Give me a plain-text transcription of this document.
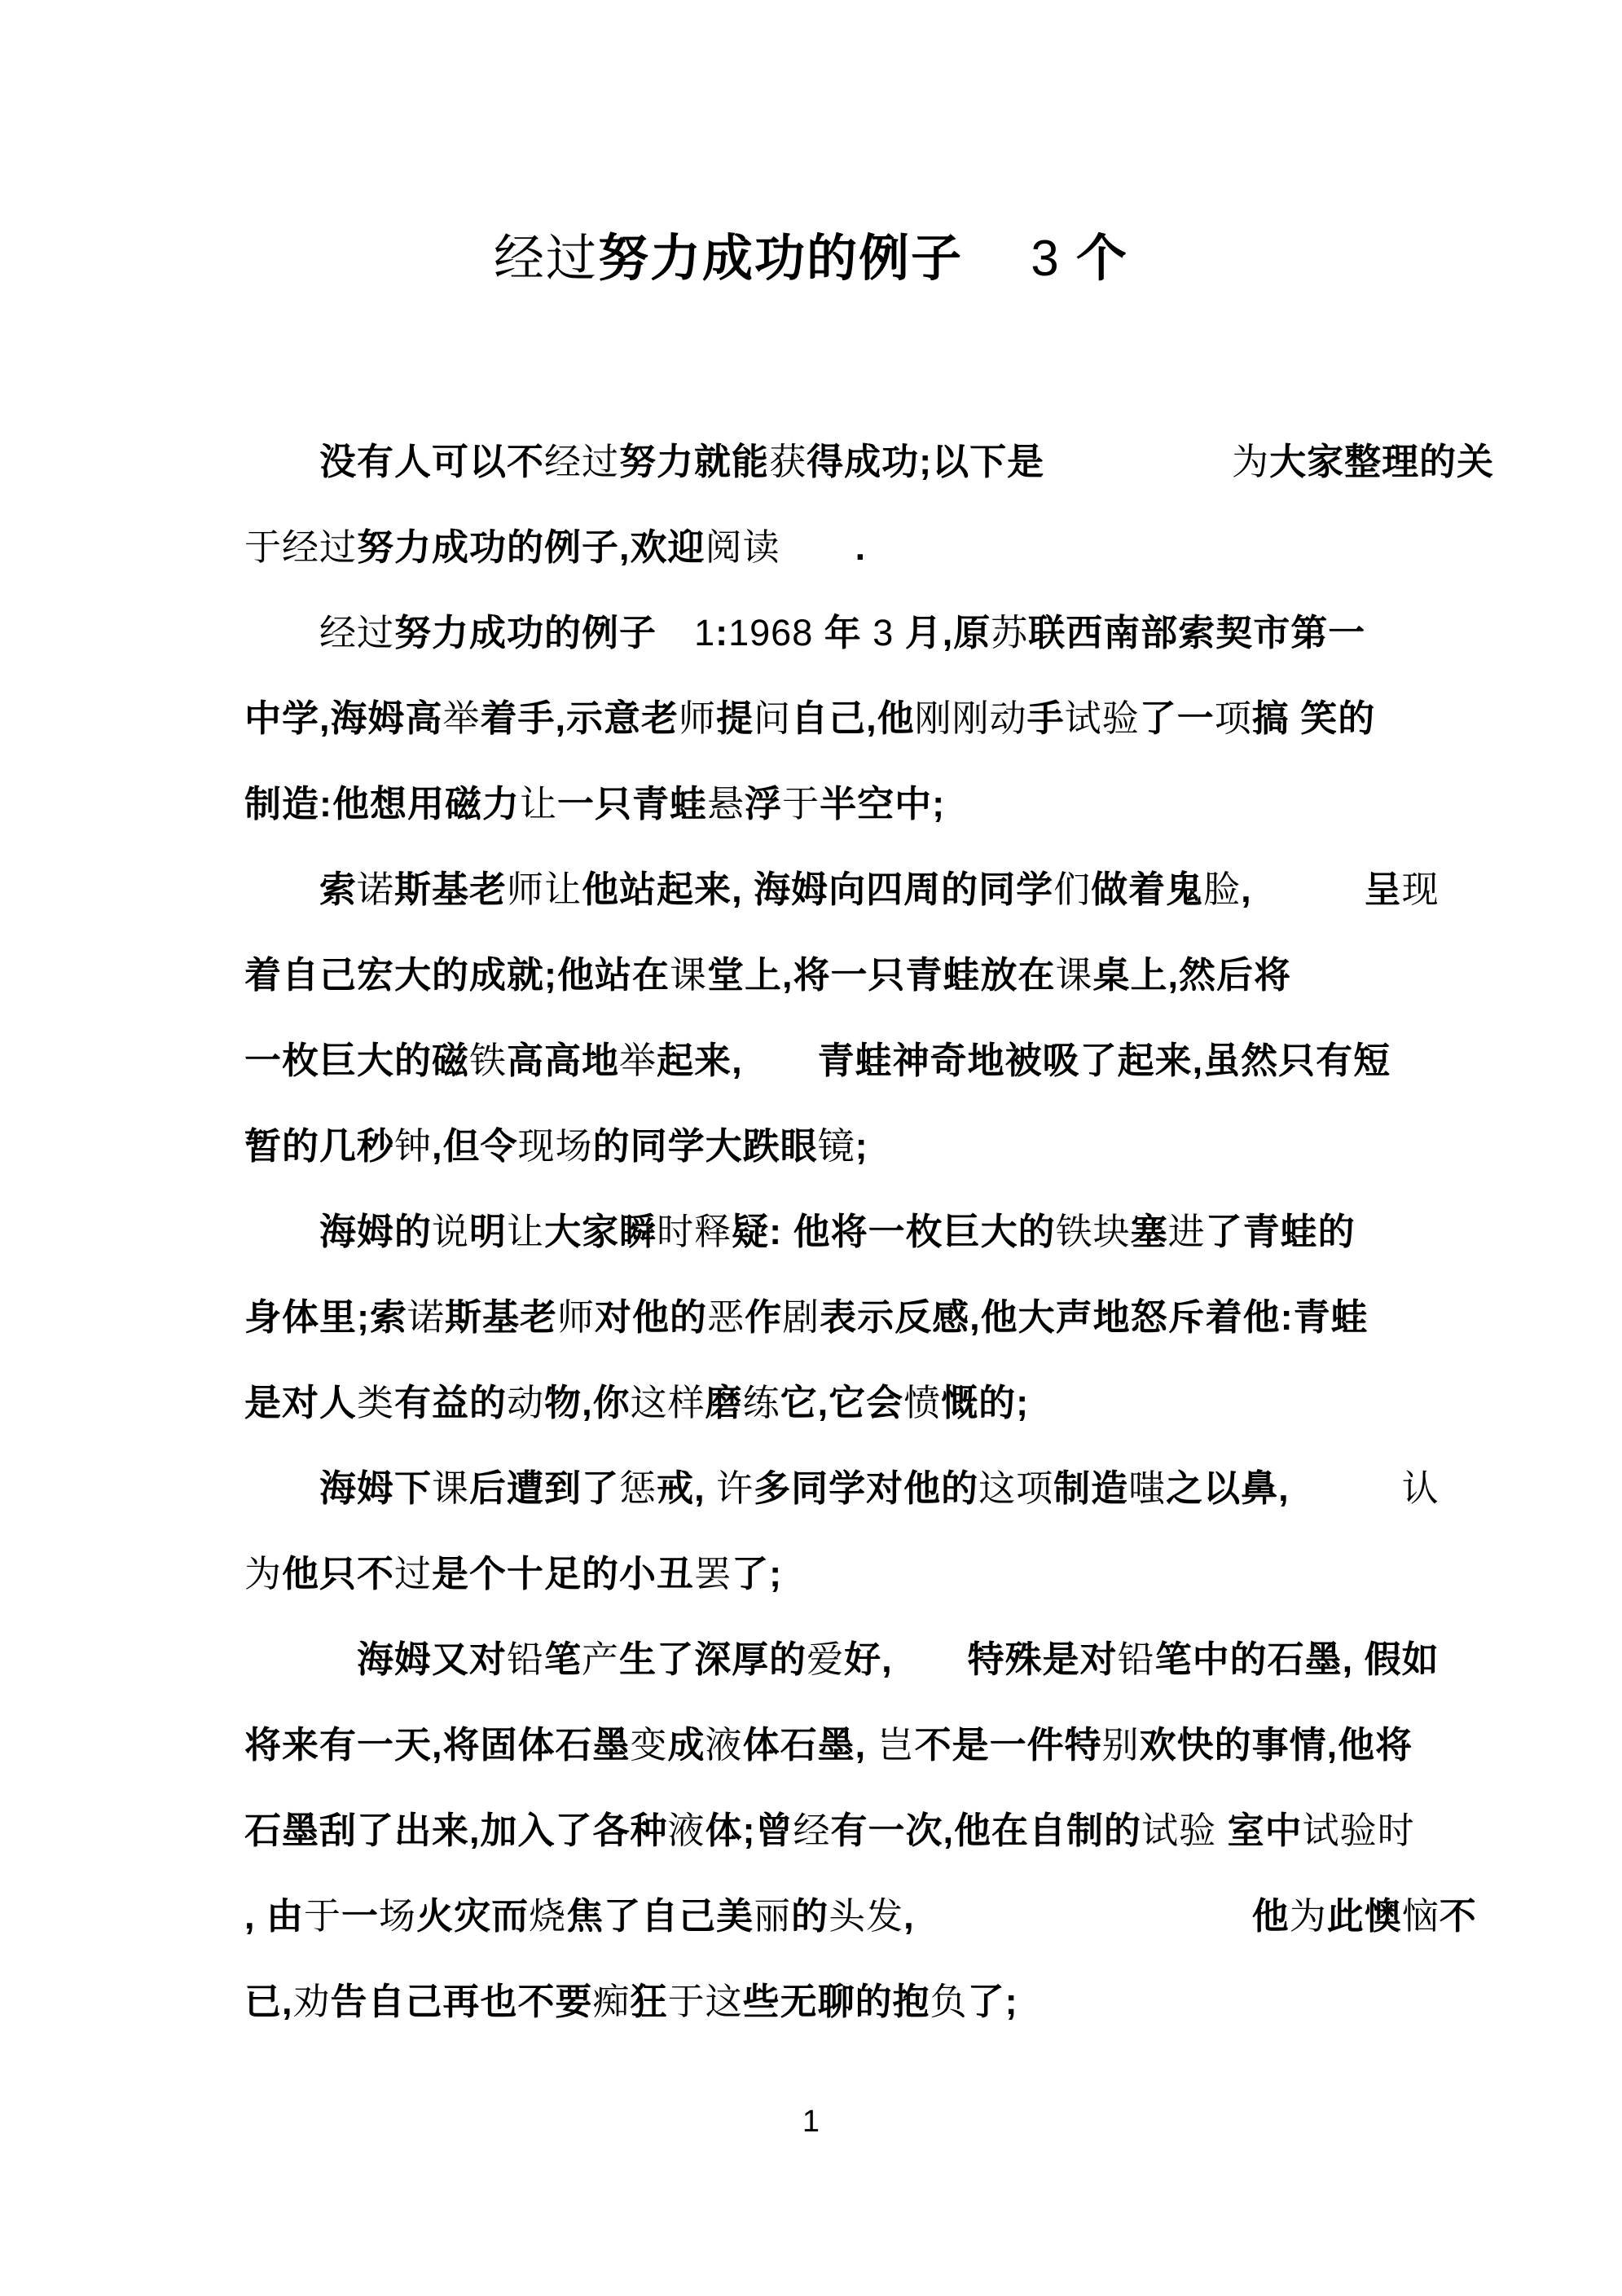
经过努力成功的例子　 3 个
　　没有人可以不经过努力就能获得成功;以下是　　　　　为大家整理的关
于经过努力成功的例子,欢迎阅读　　.
　　经过努力成功的例子　1:1968 年 3 月,原苏联西南部索契市第一
中学,海姆高举着手,示意老师提问自己,他刚刚动手试验了一项搞 笑的
制造:他想用磁力让一只青蛙悬浮于半空中;
　　索诺斯基老师让他站起来, 海姆向四周的同学们做着鬼脸,　　　呈现
着自己宏大的成就;他站在课堂上,将一只青蛙放在课桌上,然后将
一枚巨大的磁铁高高地举起来,　　青蛙神奇地被吸了起来,虽然只有短
暂的几秒钟,但令现场的同学大跌眼镜;
　　海姆的说明让大家瞬时释疑: 他将一枚巨大的铁块塞进了青蛙的
身体里;索诺斯基老师对他的恶作剧表示反感,他大声地怒斥着他:青蛙
是对人类有益的动物,你这样磨练它,它会愤慨的;
　　海姆下课后遭到了惩戒, 许多同学对他的这项制造嗤之以鼻,　　　认
为他只不过是个十足的小丑罢了;
　　　海姆又对铅笔产生了深厚的爱好,　　特殊是对铅笔中的石墨, 假如
将来有一天,将固体石墨变成液体石墨, 岂不是一件特别欢快的事情,他将
石墨刮了出来,加入了各种液体;曾经有一次,他在自制的试验 室中试验时
, 由于一场火灾而烧焦了自己美丽的头发,　　　　　　　　　他为此懊恼不
已,劝告自己再也不要痴狂于这些无聊的抱负了;
1
